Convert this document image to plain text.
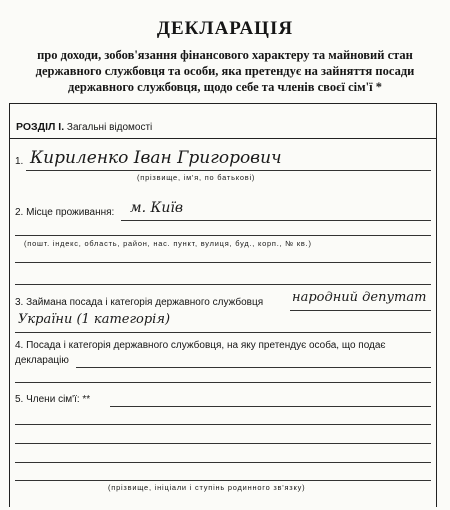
ДЕКЛАРАЦІЯ
про доходи, зобов'язання фінансового характеру та майновий стан
державного службовця та особи, яка претендує на зайняття посади
державного службовця, щодо себе та членів своєї сім'ї *
РОЗДІЛ І. Загальні відомості
1. Кириленко Іван Григорович
(прізвище, ім'я, по батькові)
2. Місце проживання: м. Київ
(пошт. індекс, область, район, нас. пункт, вулиця, буд., корп., № кв.)
3. Займана посада і категорія державного службовця народний депутат
України (1 категорія)
4. Посада і категорія державного службовця, на яку претендує особа, що подає
декларацію
5. Члени сім'ї: **
(прізвище, ініціали і ступінь родинного зв'язку)
